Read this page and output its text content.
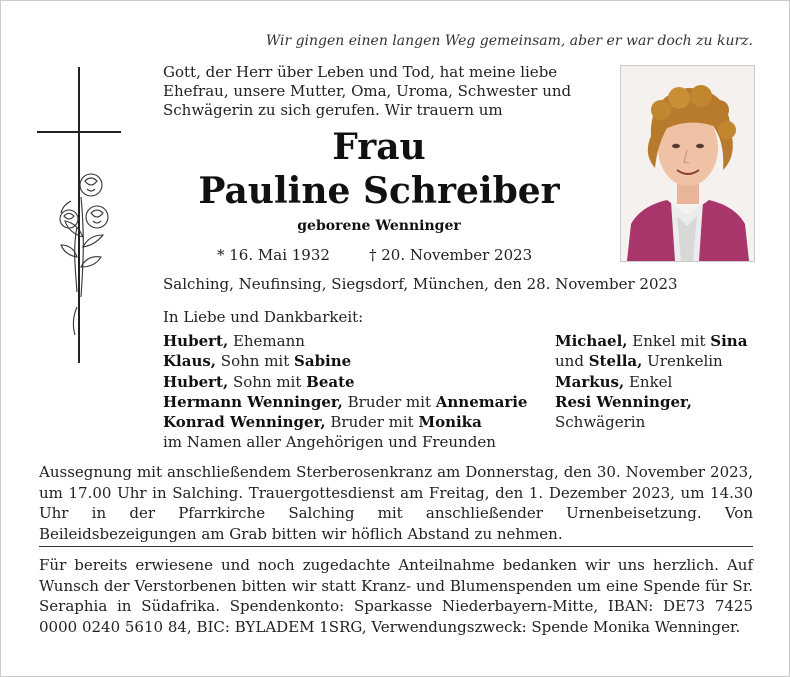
Wir gingen einen langen Weg gemeinsam, aber er war doch zu kurz.
Gott, der Herr über Leben und Tod, hat meine liebe
Ehefrau, unsere Mutter, Oma, Uroma, Schwester und
Schwägerin zu sich gerufen. Wir trauern um
Frau
Pauline Schreiber
geborene Wenninger
* 16. Mai 1932	† 20. November 2023
Salching, Neufinsing, Siegsdorf, München, den 28. November 2023
In Liebe und Dankbarkeit:
Hubert, Ehemann
Klaus, Sohn mit Sabine
Hubert, Sohn mit Beate
Hermann Wenninger, Bruder mit Annemarie
Konrad Wenninger, Bruder mit Monika
im Namen aller Angehörigen und Freunden
Michael, Enkel mit Sina
und Stella, Urenkelin
Markus, Enkel
Resi Wenninger,
Schwägerin
Aussegnung mit anschließendem Sterberosenkranz am Donnerstag, den 30. November 2023, um 17.00 Uhr in Salching. Trauergottesdienst am Freitag, den 1. Dezember 2023, um 14.30 Uhr in der Pfarrkirche Salching mit anschließender Urnenbeisetzung. Von Beileidsbezeigungen am Grab bitten wir höflich Abstand zu nehmen.
Für bereits erwiesene und noch zugedachte Anteilnahme bedanken wir uns herzlich. Auf Wunsch der Verstorbenen bitten wir statt Kranz- und Blumenspenden um eine Spende für Sr. Seraphia in Südafrika. Spendenkonto: Sparkasse Niederbayern-Mitte, IBAN: DE73 7425 0000 0240 5610 84, BIC: BYLADEM 1SRG, Verwendungszweck: Spende Monika Wenninger.
